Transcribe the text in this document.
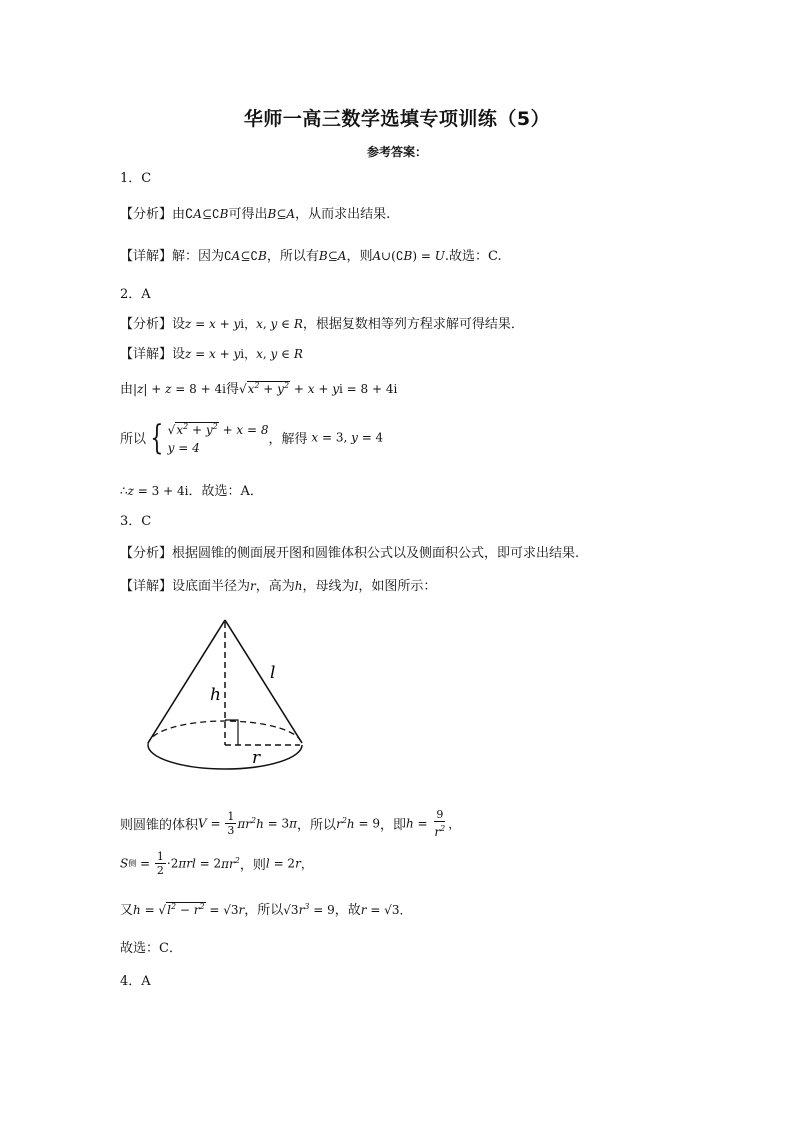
华师一高三数学选填专项训练（5）
参考答案：
1．C
【分析】由∁A⊆∁B可得出B⊆A，从而求出结果.
【详解】解：因为∁A⊆∁B，所以有B⊆A，则A∪(∁B) = U.故选：C.
2．A
【分析】设z = x + yi，x, y ∈ R，根据复数相等列方程求解可得结果．
【详解】设z = x + yi，x, y ∈ R
由|z| + z = 8 + 4i得$√x^2 + y^2 + x$ + yi = 8 + 4i
所以 { $√x^2 + y^2 + x = 8$
y = 4
，解得 x = 3, y = 4
∴z = 3 + 4i．故选：A．
3．C
【分析】根据圆锥的侧面展开图和圆锥体积公式以及侧面积公式，即可求出结果.
【详解】设底面半径为r，高为h，母线为l，如图所示：
h
l
r
则圆锥的体积$V = \frac{1}{3} \pi r^2h = 3\pi$，所以$r^2h = 9$，即$h = \frac{9}{r^2}$ ，
S侧 = $\frac{1}{2} \cdot 2\pi rl = 2\pi r^2$，则l = 2r，
又$h = √l^2 - r^2 = √3r$，所以$√3r^3 = 9$，故r = √3．
故选：C．
4．A
